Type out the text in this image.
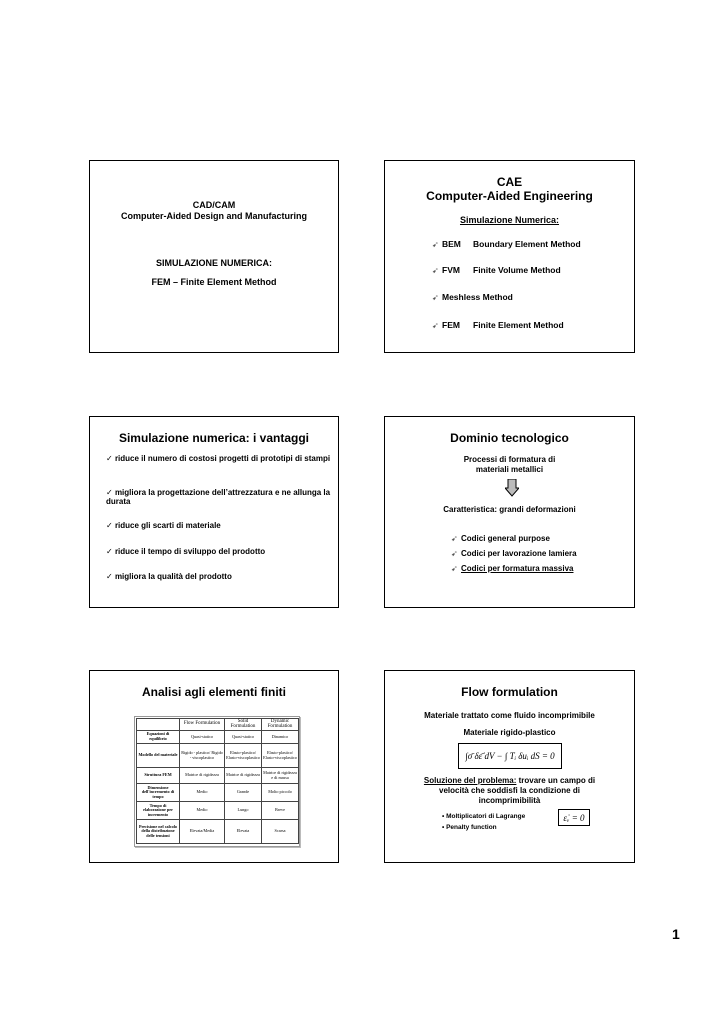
CAD/CAM
Computer-Aided Design and Manufacturing
SIMULAZIONE NUMERICA:
FEM – Finite Element Method
CAE
Computer-Aided Engineering
Simulazione Numerica:
➹ BEM Boundary Element Method
➹ FVM Finite Volume Method
➹ Meshless Method
➹ FEM Finite Element Method
Simulazione numerica: i vantaggi
✓ riduce il numero di costosi progetti di prototipi di stampi
✓ migliora la progettazione dell’attrezzatura e ne allunga la durata
✓ riduce gli scarti di materiale
✓ riduce il tempo di sviluppo del prodotto
✓ migliora la qualità del prodotto
Dominio tecnologico
Processi di formatura di
materiali metallici
Caratteristica: grandi deformazioni
➹ Codici general purpose
➹ Codici per lavorazione lamiera
➹ Codici per formatura massiva
Analisi agli elementi finiti
	Flow Formulation	Solid Formulation	Dynamic Formulation
Equazioni di equilibrio	Quasi-statico	Quasi-statico	Dinamico
Modello del materiale	Rigido - plastico/ Rigido - viscoplastico	Elasto-plastico/ Elasto-viscoplastico	Elasto-plastico/ Elasto-viscoplastico
Struttura FEM	Matrice di rigidezza	Matrice di rigidezza	Matrice di rigidezza e di massa
Dimensione dell'incremento di tempo	Medio	Grande	Molto piccolo
Tempo di elaborazione per incremento	Medio	Lungo	Breve
Precisione nel calcolo della distribuzione delle tensioni	Elevata/Media	Elevata	Scarsa
Flow formulation
Materiale trattato come fluido incomprimibile
Materiale rigido-plastico
∫σ̄ δε̄̇ dV − ∫ Tᵢ δuᵢ dS = 0
Soluzione del problema: trovare un campo di
velocità che soddisfi la condizione di
incomprimibilità
• Moltiplicatori di Lagrange
• Penalty function
ε̇ᵥ = 0
1
